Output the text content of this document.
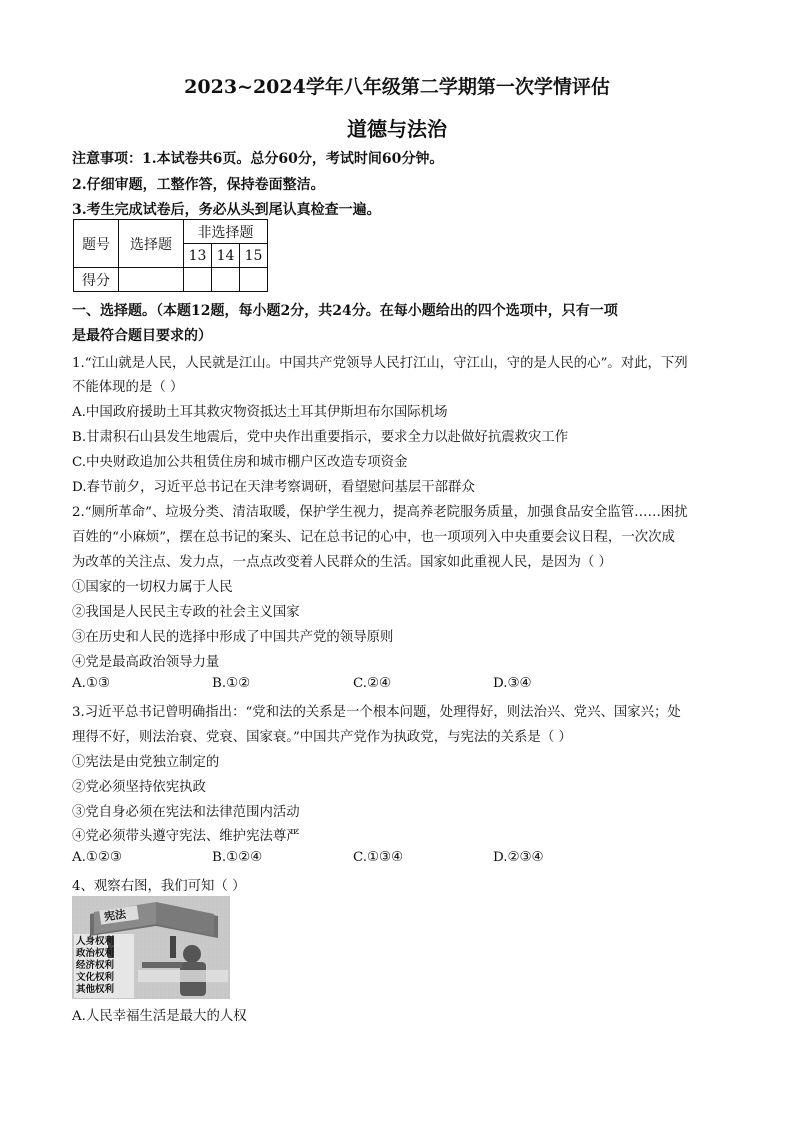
2023~2024学年八年级第二学期第一次学情评估
道德与法治
注意事项：1.本试卷共6页。总分60分，考试时间60分钟。
2.仔细审题，工整作答，保持卷面整洁。
3.考生完成试卷后，务必从头到尾认真检查一遍。
题号	选择题	非选择题		
		13	14	15
得分				
一、选择题。（本题12题，每小题2分，共24分。在每小题给出的四个选项中，只有一项
是最符合题目要求的）
1.“江山就是人民，人民就是江山。中国共产党领导人民打江山，守江山，守的是人民的心”。对此，下列
不能体现的是（ ）
A.中国政府援助土耳其救灾物资抵达土耳其伊斯坦布尔国际机场
B.甘肃积石山县发生地震后，党中央作出重要指示，要求全力以赴做好抗震救灾工作
C.中央财政追加公共租赁住房和城市棚户区改造专项资金
D.春节前夕，习近平总书记在天津考察调研，看望慰问基层干部群众
2.“厕所革命”、垃圾分类、清洁取暖，保护学生视力，提高养老院服务质量，加强食品安全监管……困扰
百姓的“小麻烦”，摆在总书记的案头、记在总书记的心中，也一项项列入中央重要会议日程，一次次成
为改革的关注点、发力点，一点点改变着人民群众的生活。国家如此重视人民，是因为（ ）
①国家的一切权力属于人民
②我国是人民民主专政的社会主义国家
③在历史和人民的选择中形成了中国共产党的领导原则
④党是最高政治领导力量
A.①③	B.①②	C.②④	D.③④
3.习近平总书记曾明确指出：“党和法的关系是一个根本问题，处理得好，则法治兴、党兴、国家兴；处
理得不好，则法治衰、党衰、国家衰。”中国共产党作为执政党，与宪法的关系是（ ）
①宪法是由党独立制定的
②党必须坚持依宪执政
③党自身必须在宪法和法律范围内活动
④党必须带头遵守宪法、维护宪法尊严
A.①②③	B.①②④	C.①③④	D.②③④
4、观察右图，我们可知（ ）
宪法
人身权利
政治权利
经济权利
文化权利
其他权利
A.人民幸福生活是最大的人权
